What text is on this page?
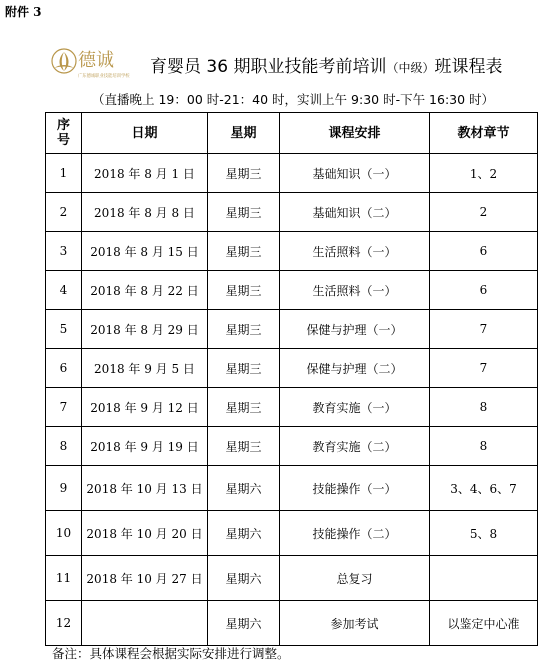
附件 3
德诚
广东德诚职业技能培训学校 育婴员 36 期职业技能考前培训（中级）班课程表
（直播晚上 19：00 时-21：40 时，实训上午 9:30 时-下午 16:30 时）
序号	日期	星期	课程安排	教材章节
1	2018 年 8 月 1 日	星期三	基础知识（一）	1、2
2	2018 年 8 月 8 日	星期三	基础知识（二）	2
3	2018 年 8 月 15 日	星期三	生活照料（一）	6
4	2018 年 8 月 22 日	星期三	生活照料（一）	6
5	2018 年 8 月 29 日	星期三	保健与护理（一）	7
6	2018 年 9 月 5 日	星期三	保健与护理（二）	7
7	2018 年 9 月 12 日	星期三	教育实施（一）	8
8	2018 年 9 月 19 日	星期三	教育实施（二）	8
9	2018 年 10 月 13 日	星期六	技能操作（一）	3、4、6、7
10	2018 年 10 月 20 日	星期六	技能操作（二）	5、8
11	2018 年 10 月 27 日	星期六	总复习	
12		星期六	参加考试	以鉴定中心准
备注：具体课程会根据实际安排进行调整。
